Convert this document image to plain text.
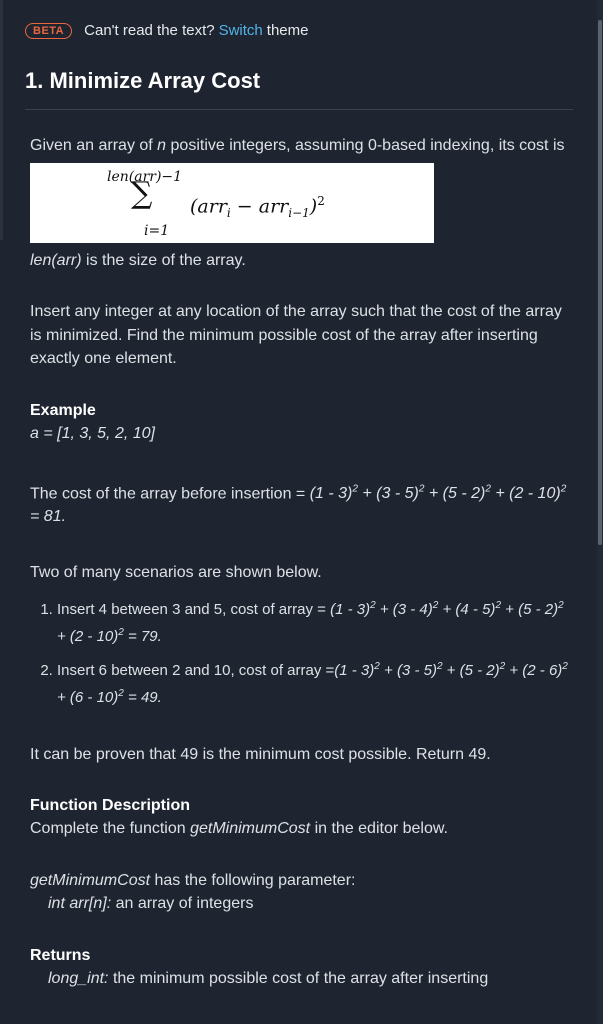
BETA	Can't read the text? Switch theme
1. Minimize Array Cost

Given an array of n positive integers, assuming 0-based indexing, its cost is

len(arr)−1
∑
i=1
$(arr_i - arr_{i-1})^2$

len(arr) is the size of the array.

Insert any integer at any location of the array such that the cost of the array is minimized. Find the minimum possible cost of the array after inserting exactly one element.

Example

a = [1, 3, 5, 2, 10]

The cost of the array before insertion = (1 - 3)$^2$ + (3 - 5)$^2$ + (5 - 2)$^2$ + (2 - 10)$^2$ = 81.

Two of many scenarios are shown below.

1. Insert 4 between 3 and 5, cost of array = (1 - 3)$^2$ + (3 - 4)$^2$ + (4 - 5)$^2$ + (5 - 2)$^2$ + (2 - 10)$^2$ = 79.
2. Insert 6 between 2 and 10, cost of array =(1 - 3)$^2$ + (3 - 5)$^2$ + (5 - 2)$^2$ + (2 - 6)$^2$ + (6 - 10)$^2$ = 49.

It can be proven that 49 is the minimum cost possible. Return 49.

Function Description

Complete the function getMinimumCost in the editor below.

getMinimumCost has the following parameter:

int arr[n]: an array of integers

Returns

long_int: the minimum possible cost of the array after inserting
